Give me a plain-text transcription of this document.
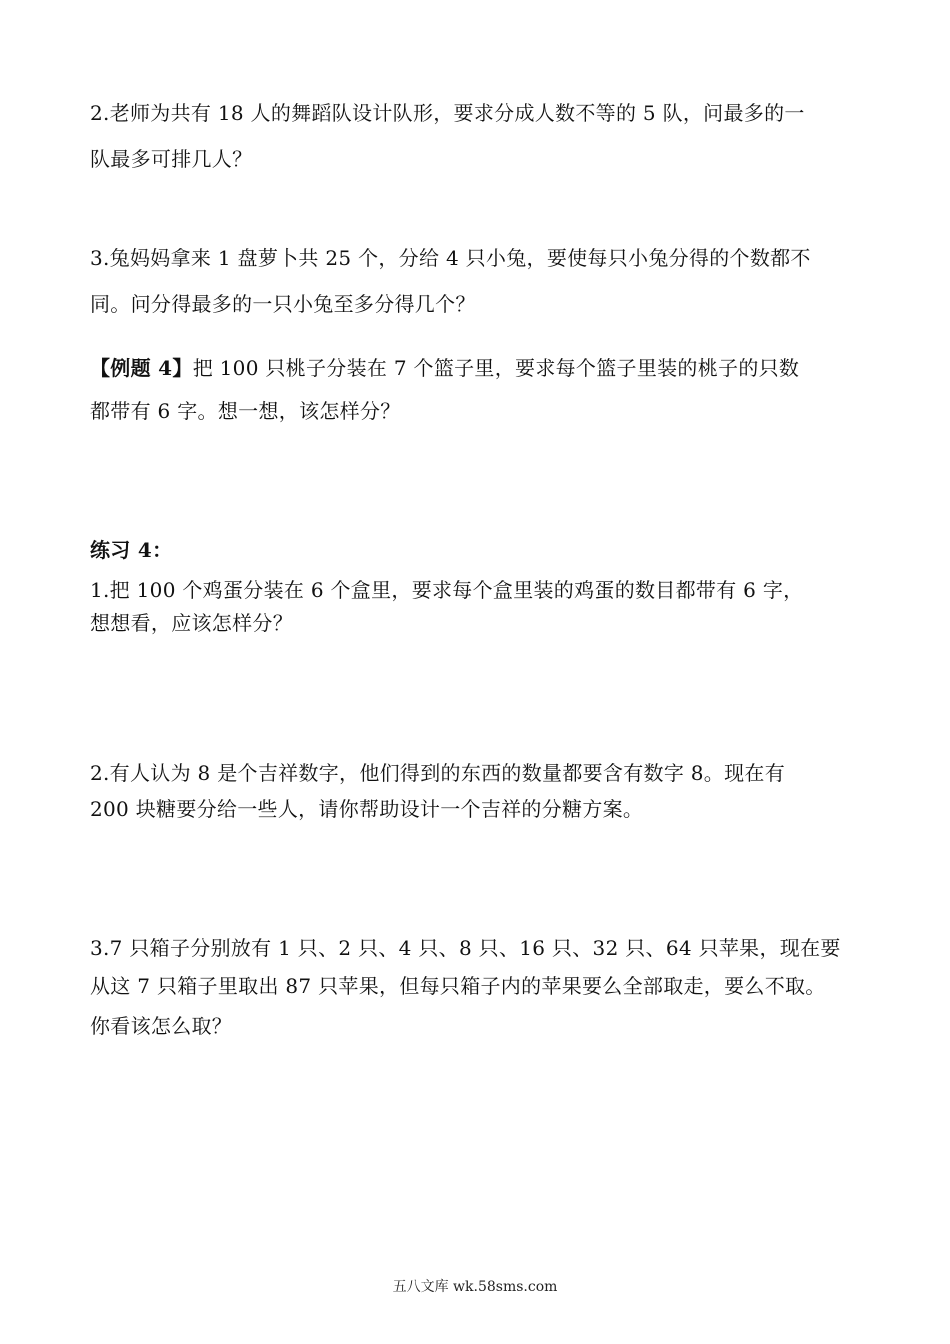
2.老师为共有 18 人的舞蹈队设计队形，要求分成人数不等的 5 队，问最多的一
队最多可排几人？
3.兔妈妈拿来 1 盘萝卜共 25 个，分给 4 只小兔，要使每只小兔分得的个数都不
同。问分得最多的一只小兔至多分得几个？
【例题 4】把 100 只桃子分装在 7 个篮子里，要求每个篮子里装的桃子的只数
都带有 6 字。想一想，该怎样分？
练习 4：
1.把 100 个鸡蛋分装在 6 个盒里，要求每个盒里装的鸡蛋的数目都带有 6 字，
想想看，应该怎样分？
2.有人认为 8 是个吉祥数字，他们得到的东西的数量都要含有数字 8。现在有
200 块糖要分给一些人，请你帮助设计一个吉祥的分糖方案。
3.7 只箱子分别放有 1 只、2 只、4 只、8 只、16 只、32 只、64 只苹果，现在要
从这 7 只箱子里取出 87 只苹果，但每只箱子内的苹果要么全部取走，要么不取。
你看该怎么取？
五八文库 wk.58sms.com
